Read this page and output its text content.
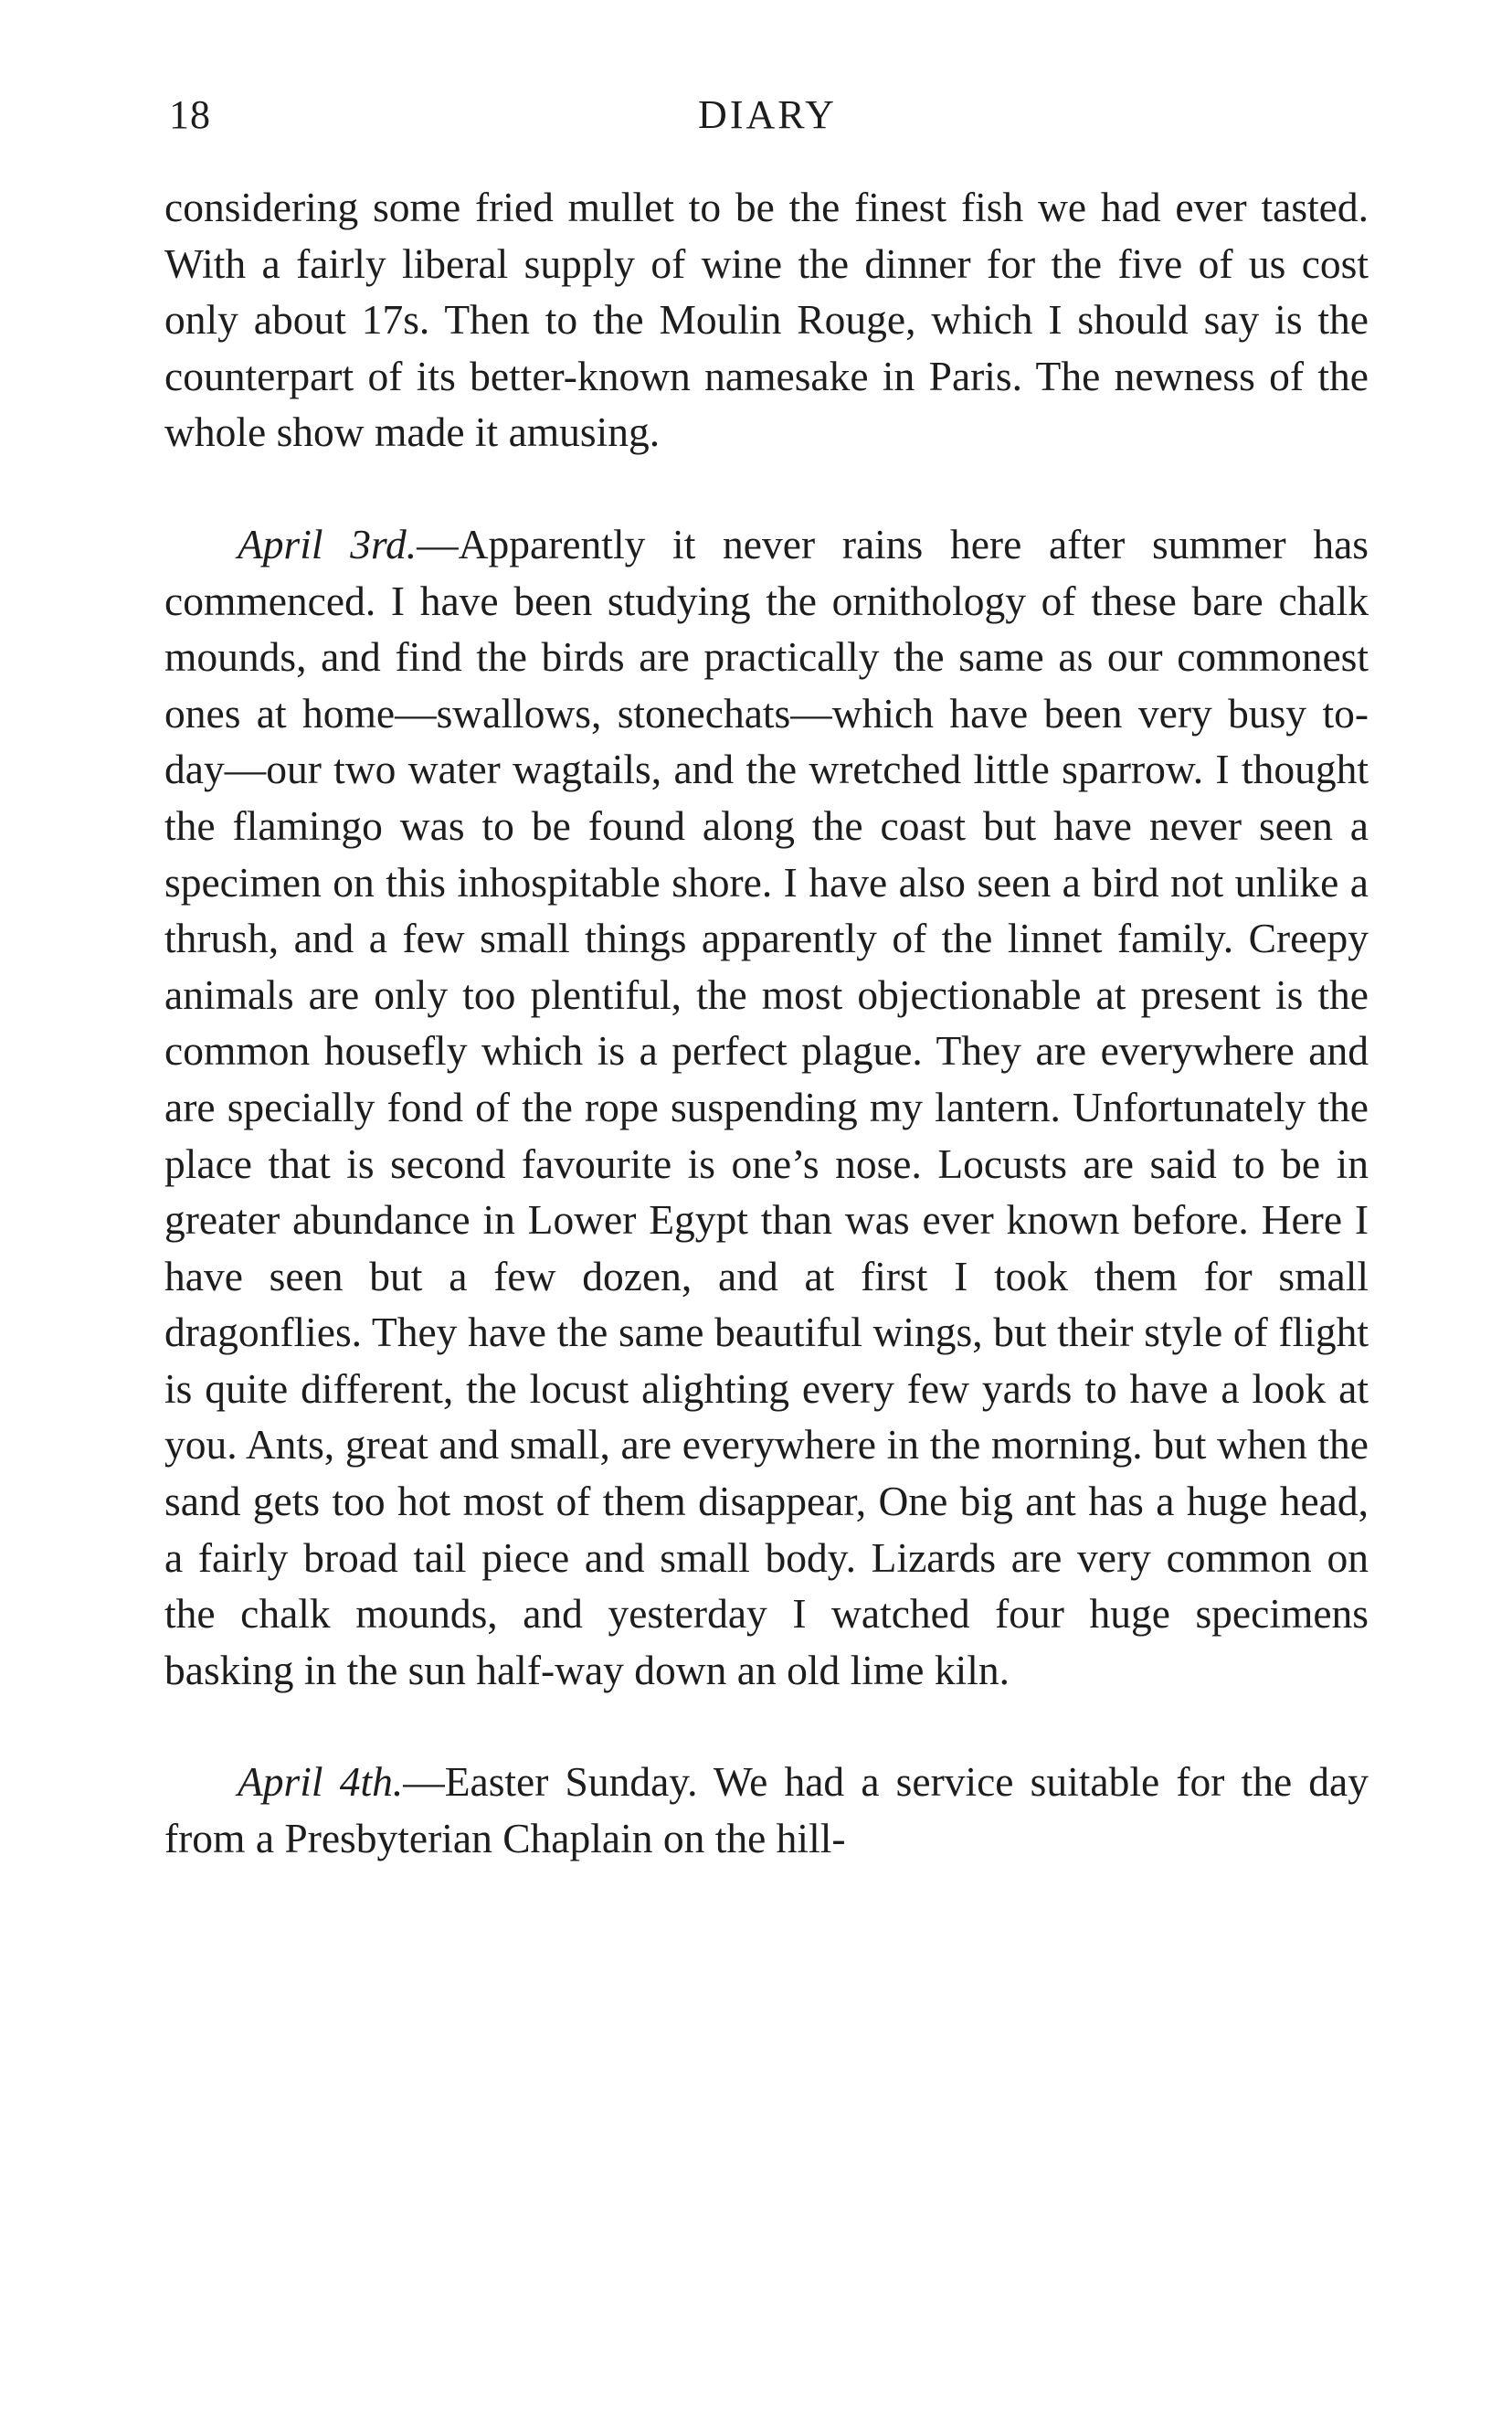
18	DIARY

considering some fried mullet to be the finest fish we had ever tasted. With a fairly liberal supply of wine the dinner for the five of us cost only about 17s. Then to the Moulin Rouge, which I should say is the counterpart of its better-known namesake in Paris. The newness of the whole show made it amusing.

April 3rd.—Apparently it never rains here after summer has commenced. I have been studying the ornithology of these bare chalk mounds, and find the birds are practically the same as our commonest ones at home—swallows, stonechats—which have been very busy to-day—our two water wagtails, and the wretched little sparrow. I thought the flamingo was to be found along the coast but have never seen a specimen on this inhospitable shore. I have also seen a bird not unlike a thrush, and a few small things apparently of the linnet family. Creepy animals are only too plentiful, the most objectionable at present is the common housefly which is a perfect plague. They are everywhere and are specially fond of the rope suspending my lantern. Unfortunately the place that is second favourite is one’s nose. Locusts are said to be in greater abundance in Lower Egypt than was ever known before. Here I have seen but a few dozen, and at first I took them for small dragonflies. They have the same beautiful wings, but their style of flight is quite different, the locust alighting every few yards to have a look at you. Ants, great and small, are everywhere in the morning. but when the sand gets too hot most of them disappear, One big ant has a huge head, a fairly broad tail piece and small body. Lizards are very common on the chalk mounds, and yesterday I watched four huge specimens basking in the sun half-way down an old lime kiln.

April 4th.—Easter Sunday. We had a service suitable for the day from a Presbyterian Chaplain on the hill-
